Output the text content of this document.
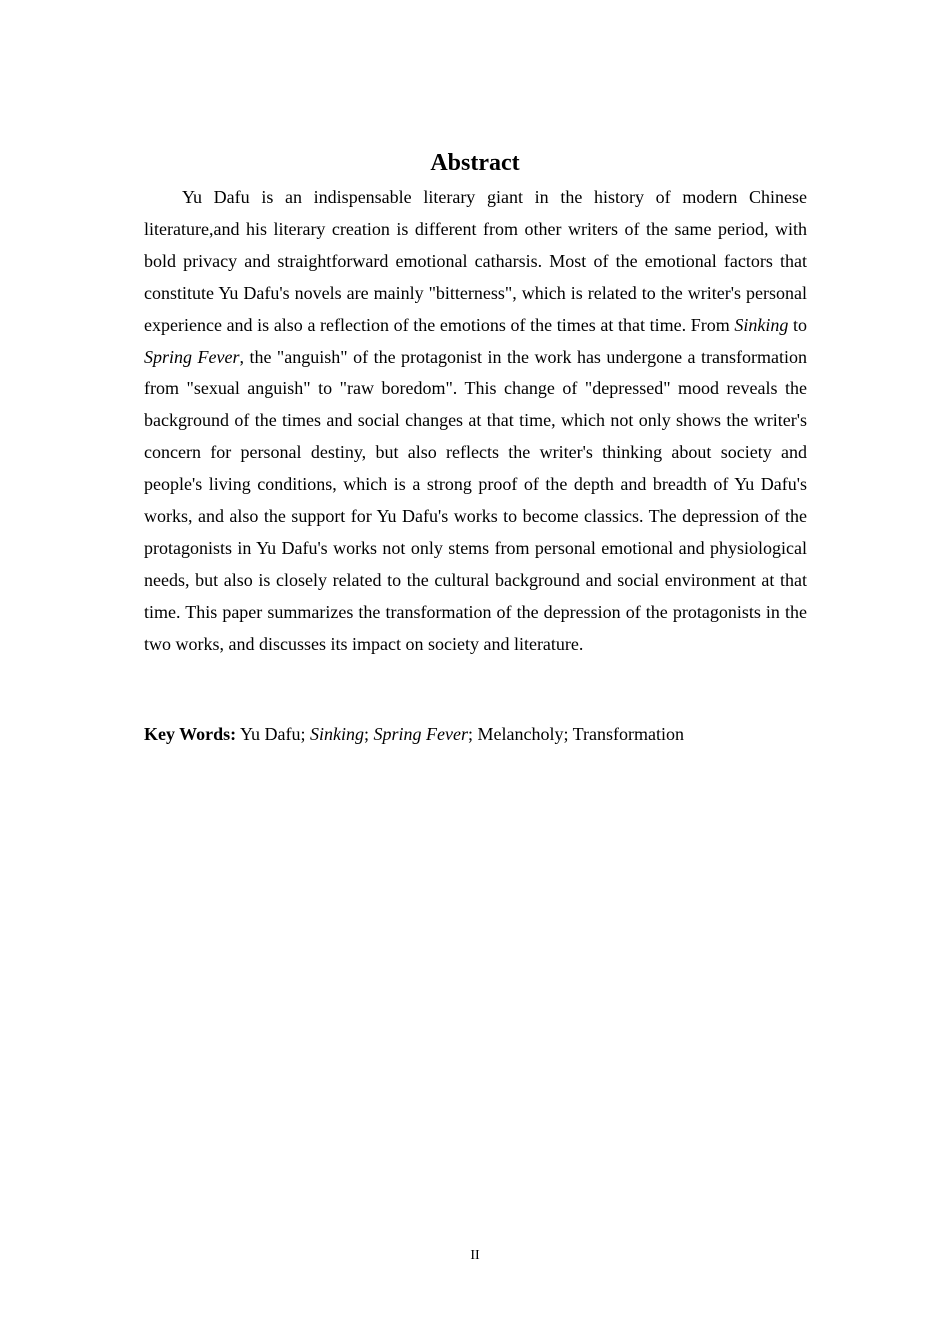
Abstract

Yu Dafu is an indispensable literary giant in the history of modern Chinese literature,and his literary creation is different from other writers of the same period, with bold privacy and straightforward emotional catharsis. Most of the emotional factors that constitute Yu Dafu's novels are mainly "bitterness", which is related to the writer's personal experience and is also a reflection of the emotions of the times at that time. From Sinking to Spring Fever, the "anguish" of the protagonist in the work has undergone a transformation from "sexual anguish" to "raw boredom". This change of "depressed" mood reveals the background of the times and social changes at that time, which not only shows the writer's concern for personal destiny, but also reflects the writer's thinking about society and people's living conditions, which is a strong proof of the depth and breadth of Yu Dafu's works, and also the support for Yu Dafu's works to become classics. The depression of the protagonists in Yu Dafu's works not only stems from personal emotional and physiological needs, but also is closely related to the cultural background and social environment at that time. This paper summarizes the transformation of the depression of the protagonists in the two works, and discusses its impact on society and literature.

Key Words: Yu Dafu; Sinking; Spring Fever; Melancholy; Transformation

II
